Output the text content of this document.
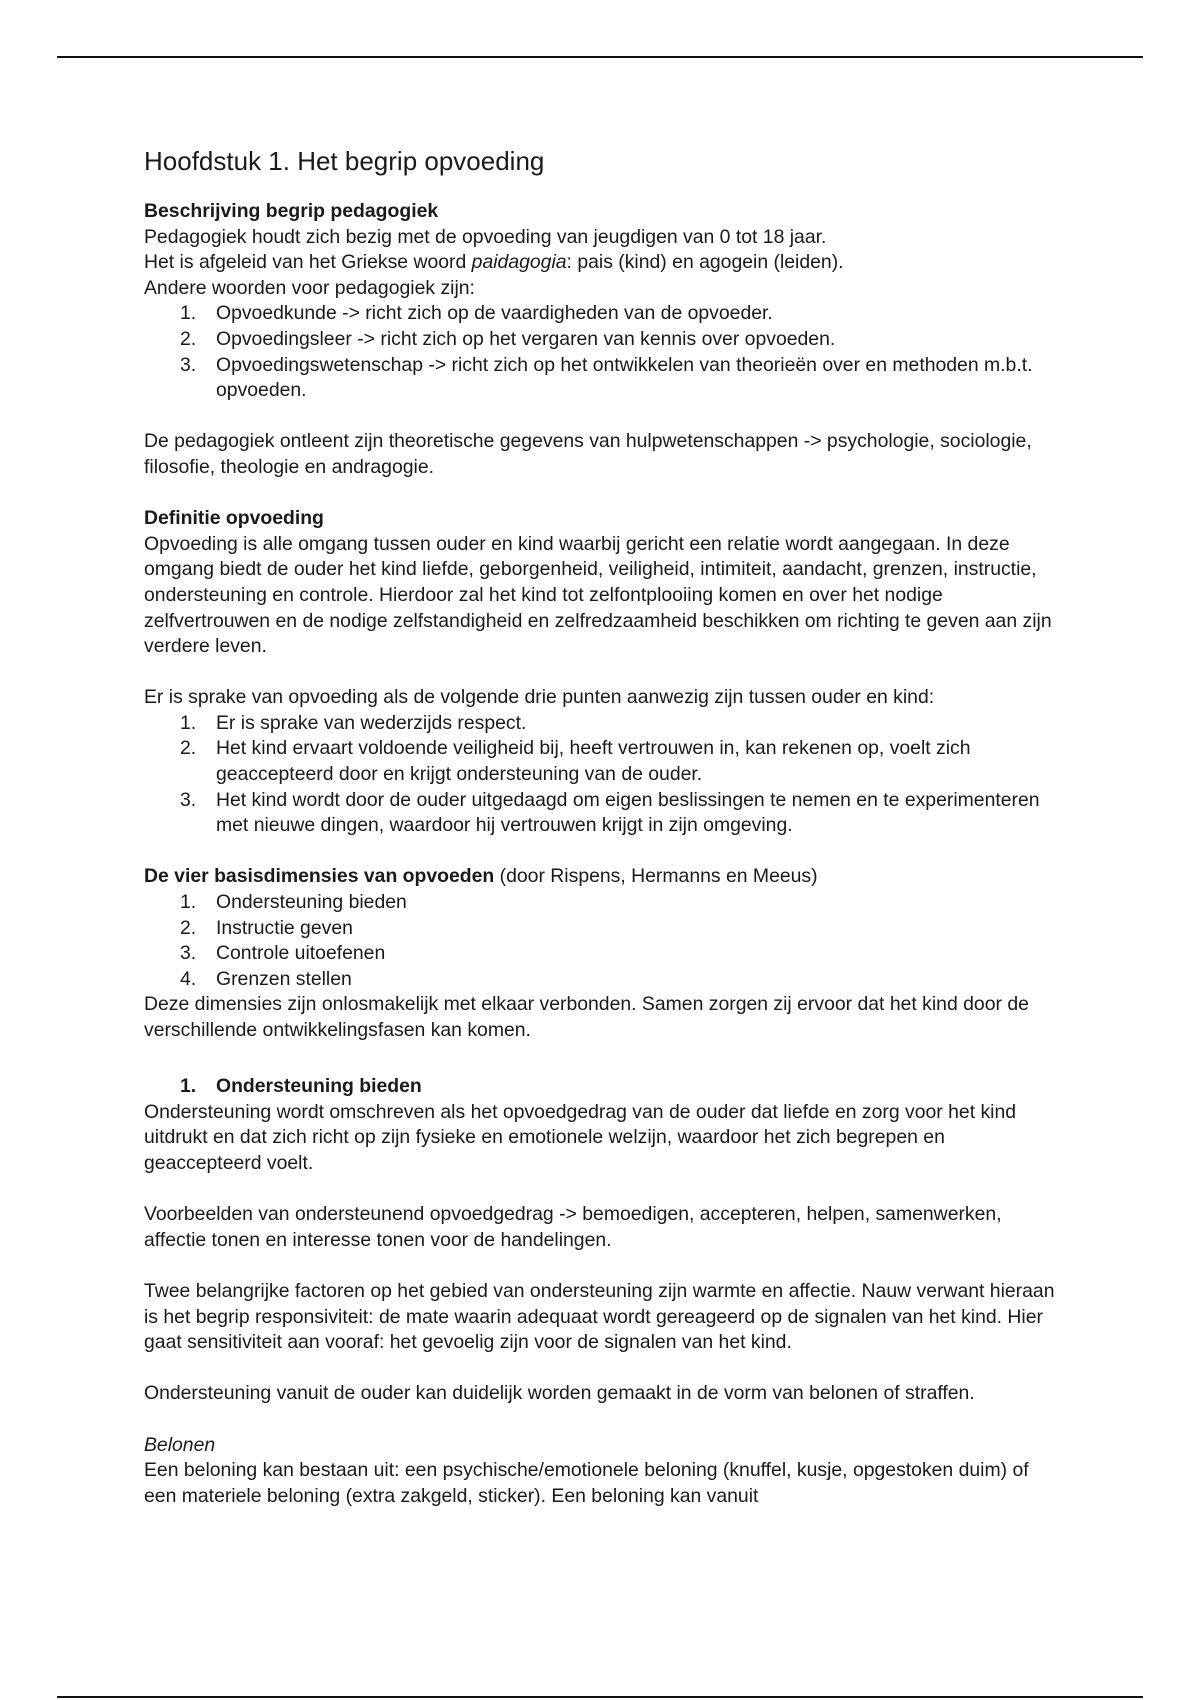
Hoofdstuk 1. Het begrip opvoeding

Beschrijving begrip pedagogiek

Pedagogiek houdt zich bezig met de opvoeding van jeugdigen van 0 tot 18 jaar.

Het is afgeleid van het Griekse woord paidagogia: pais (kind) en agogein (leiden).

Andere woorden voor pedagogiek zijn:

1. Opvoedkunde -> richt zich op de vaardigheden van de opvoeder.
2. Opvoedingsleer -> richt zich op het vergaren van kennis over opvoeden.
3. Opvoedingswetenschap -> richt zich op het ontwikkelen van theorieën over en methoden m.b.t. opvoeden.

De pedagogiek ontleent zijn theoretische gegevens van hulpwetenschappen -> psychologie, sociologie, filosofie, theologie en andragogie.

Definitie opvoeding

Opvoeding is alle omgang tussen ouder en kind waarbij gericht een relatie wordt aangegaan. In deze omgang biedt de ouder het kind liefde, geborgenheid, veiligheid, intimiteit, aandacht, grenzen, instructie, ondersteuning en controle. Hierdoor zal het kind tot zelfontplooiing komen en over het nodige zelfvertrouwen en de nodige zelfstandigheid en zelfredzaamheid beschikken om richting te geven aan zijn verdere leven.

Er is sprake van opvoeding als de volgende drie punten aanwezig zijn tussen ouder en kind:

1. Er is sprake van wederzijds respect.
2. Het kind ervaart voldoende veiligheid bij, heeft vertrouwen in, kan rekenen op, voelt zich geaccepteerd door en krijgt ondersteuning van de ouder.
3. Het kind wordt door de ouder uitgedaagd om eigen beslissingen te nemen en te experimenteren met nieuwe dingen, waardoor hij vertrouwen krijgt in zijn omgeving.

De vier basisdimensies van opvoeden (door Rispens, Hermanns en Meeus)

1. Ondersteuning bieden
2. Instructie geven
3. Controle uitoefenen
4. Grenzen stellen

Deze dimensies zijn onlosmakelijk met elkaar verbonden. Samen zorgen zij ervoor dat het kind door de verschillende ontwikkelingsfasen kan komen.

1. Ondersteuning bieden

Ondersteuning wordt omschreven als het opvoedgedrag van de ouder dat liefde en zorg voor het kind uitdrukt en dat zich richt op zijn fysieke en emotionele welzijn, waardoor het zich begrepen en geaccepteerd voelt.

Voorbeelden van ondersteunend opvoedgedrag -> bemoedigen, accepteren, helpen, samenwerken, affectie tonen en interesse tonen voor de handelingen.

Twee belangrijke factoren op het gebied van ondersteuning zijn warmte en affectie. Nauw verwant hieraan is het begrip responsiviteit: de mate waarin adequaat wordt gereageerd op de signalen van het kind. Hier gaat sensitiviteit aan vooraf: het gevoelig zijn voor de signalen van het kind.

Ondersteuning vanuit de ouder kan duidelijk worden gemaakt in de vorm van belonen of straffen.

Belonen

Een beloning kan bestaan uit: een psychische/emotionele beloning (knuffel, kusje, opgestoken duim) of een materiele beloning (extra zakgeld, sticker). Een beloning kan vanuit
